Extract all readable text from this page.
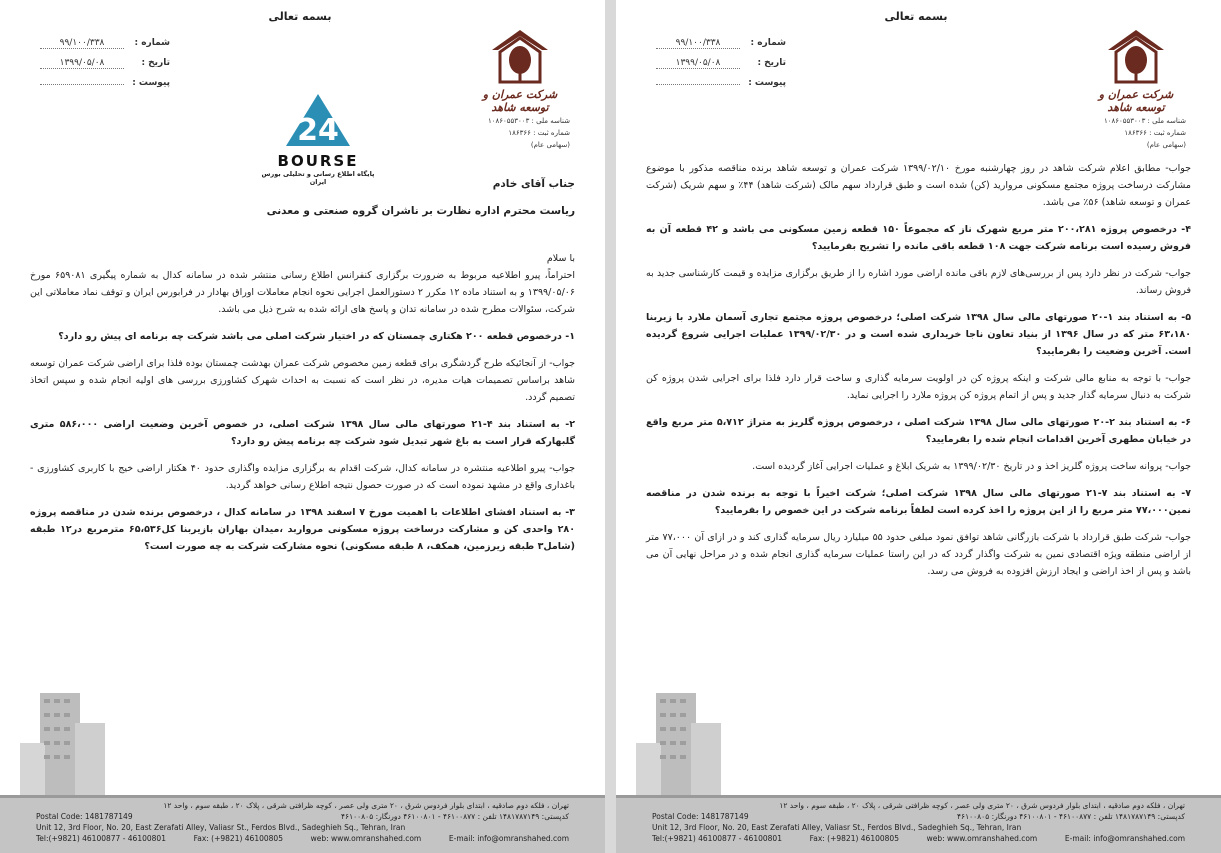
بسمه تعالی
شماره :
۹۹/۱۰۰/۳۳۸
تاریخ :
۱۳۹۹/۰۵/۰۸
پیوست :
شرکت عمران و توسعه شاهد
شناسه ملی : ۱۰۸۶۰۵۵۳۰۰۳
شماره ثبت : ۱۸۶۳۶۶
(سهامی عام)
24
BOURSE
پایگاه اطلاع رسانی و تحلیلی بورس ایران	جناب آقای خادم

ریاست محترم اداره نظارت بر ناشران گروه صنعتی و معدنی

با سلام

احتراماً، پیرو اطلاعیه مربوط به ضرورت برگزاری کنفرانس اطلاع رسانی منتشر شده در سامانه کدال به شماره پیگیری ۶۵۹۰۸۱ مورخ ۱۳۹۹/۰۵/۰۶ و به استناد ماده ۱۲ مکرر ۲ دستورالعمل اجرایی نحوه انجام معاملات اوراق بهادار در فرابورس ایران و توقف نماد معاملاتی این شرکت، سئوالات مطرح شده در سامانه تدان و پاسخ های ارائه شده به شرح ذیل می باشد.

۱- درخصوص قطعه ۲۰۰ هکتاری چمستان که در اختیار شرکت اصلی می باشد شرکت چه برنامه ای پیش رو دارد؟

جواب- از آنجائیکه طرح گردشگری برای قطعه زمین مخصوص شرکت عمران بهدشت چمستان بوده فلذا برای اراضی شرکت عمران توسعه شاهد براساس تصمیمات هیات مدیره، در نظر است که نسبت به احداث شهرک کشاورزی بررسی های اولیه انجام شده و سپس اتخاذ تصمیم گردد.

۲- به استناد بند ۴-۲۱ صورتهای مالی سال ۱۳۹۸ شرکت اصلی، در خصوص آخرین وضعیت اراضی ۵۸۶،۰۰۰ متری گلبهارکه قرار است به باغ شهر تبدیل شود شرکت چه برنامه پیش رو دارد؟

جواب- پیرو اطلاعیه منتشره در سامانه کدال، شرکت اقدام به برگزاری مزایده واگذاری حدود ۴۰ هکتار اراضی خیج با کاربری کشاورزی - باغداری واقع در مشهد نموده است که در صورت حصول نتیجه اطلاع رسانی خواهد گردید.

۳- به استناد افشای اطلاعات با اهمیت مورخ ۷ اسفند ۱۳۹۸ در سامانه کدال ، درخصوص برنده شدن در مناقصه پروژه ۲۸۰ واحدی کن و مشارکت درساخت پروژه مسکونی مرواربد ،میدان بهاران بازیربنا کل۶۵،۵۳۶ مترمربع در۱۲ طبقه (شامل۳ طبقه زیرزمین، همکف، ۸ طبقه مسکونی) نحوه مشارکت شرکت به چه صورت است؟

تهران ، فلکه دوم صادقیه ، ابتدای بلوار فردوس شرق ، ۲۰ متری ولی عصر ، کوچه ظرافتی شرقی ، پلاک ۲۰ ، طبقه سوم ، واحد ۱۲
Postal Code: 1481787149	کدپستی: ۱۴۸۱۷۸۷۱۴۹ تلفن : ۴۶۱۰۰۸۷۷ - ۴۶۱۰۰۸۰۱ دورنگار: ۴۶۱۰۰۸۰۵
Unit 12, 3rd Floor, No. 20, East Zerafati Alley, Valiasr St., Ferdos Blvd., Sadeghieh Sq., Tehran, Iran
Tel:(+9821) 46100877 - 46100801	Fax: (+9821) 46100805	web: www.omranshahed.com	E-mail: info@omranshahed.com
بسمه تعالی
شماره :
۹۹/۱۰۰/۳۳۸
تاریخ :
۱۳۹۹/۰۵/۰۸
پیوست :
شرکت عمران و توسعه شاهد
شناسه ملی : ۱۰۸۶۰۵۵۳۰۰۳
شماره ثبت : ۱۸۶۳۶۶
(سهامی عام)

جواب- مطابق اعلام شرکت شاهد در روز چهارشنبه مورخ ۱۳۹۹/۰۲/۱۰ شرکت عمران و توسعه شاهد برنده مناقصه مذکور با موضوع مشارکت درساخت پروژه مجتمع مسکونی مروارید (کن) شده است و طبق قرارداد سهم مالک (شرکت شاهد) ۴۴٪ و سهم شریک (شرکت عمران و توسعه شاهد) ۵۶٪ می باشد.

۴- درخصوص پروژه ۲۰۰،۲۸۱ متر مربع شهرک ناز که مجموعاً ۱۵۰ قطعه زمین مسکونی می باشد و ۴۲ قطعه آن به فروش رسیده است برنامه شرکت جهت ۱۰۸ قطعه باقی مانده را تشریح بفرمایید؟

جواب- شرکت در نظر دارد پس از بررسی‌های لازم باقی مانده اراضی مورد اشاره را از طریق برگزاری مزایده و قیمت کارشناسی جدید به فروش رساند.

۵- به استناد بند ۱-۲۰ صورتهای مالی سال ۱۳۹۸ شرکت اصلی؛ درخصوص پروژه مجتمع تجاری آسمان ملارد با زیربنا ۶۳،۱۸۰ متر که در سال ۱۳۹۶ از بنیاد تعاون ناجا خریداری شده است و در ۱۳۹۹/۰۲/۳۰ عملیات اجرایی شروع گردیده است. آخرین وضعیت را بفرمایید؟

جواب- با توجه به منابع مالی شرکت و اینکه پروژه کن در اولویت سرمایه گذاری و ساخت قرار دارد فلذا برای اجرایی شدن پروژه کن شرکت به دنبال سرمایه گذار جدید و پس از اتمام پروژه کن پروژه ملارد را اجرایی نماید.

۶- به استناد بند ۲-۲۰ صورتهای مالی سال ۱۳۹۸ شرکت اصلی ، درخصوص پروژه گلریز به متراژ ۵،۷۱۲ متر مربع واقع در خیابان مطهری آخرین اقدامات انجام شده را بفرمایید؟

جواب- پروانه ساخت پروژه گلریز اخذ و در تاریخ ۱۳۹۹/۰۲/۳۰ به شریک ابلاغ و عملیات اجرایی آغاز گردیده است.

۷- به استناد بند ۷-۲۱ صورتهای مالی سال ۱۳۹۸ شرکت اصلی؛ شرکت اخیراً با توجه به برنده شدن در مناقصه نمین۷۷،۰۰۰ متر مربع را از این پروژه را اخذ کرده است لطفاً برنامه شرکت در این خصوص را بفرمایید؟

جواب- شرکت طبق قرارداد با شرکت بازرگانی شاهد توافق نمود مبلغی حدود ۵۵ میلیارد ریال سرمایه گذاری کند و در ازای آن ۷۷،۰۰۰ متر از اراضی منطقه ویژه اقتصادی نمین به شرکت واگذار گردد که در این راستا عملیات سرمایه گذاری انجام شده و در مراحل نهایی آن می باشد و پس از اخذ اراضی و ایجاد ارزش افزوده به فروش می رسد.

تهران ، فلکه دوم صادقیه ، ابتدای بلوار فردوس شرق ، ۲۰ متری ولی عصر ، کوچه ظرافتی شرقی ، پلاک ۲۰ ، طبقه سوم ، واحد ۱۲
Postal Code: 1481787149	کدپستی: ۱۴۸۱۷۸۷۱۴۹ تلفن : ۴۶۱۰۰۸۷۷ - ۴۶۱۰۰۸۰۱ دورنگار: ۴۶۱۰۰۸۰۵
Unit 12, 3rd Floor, No. 20, East Zerafati Alley, Valiasr St., Ferdos Blvd., Sadeghieh Sq., Tehran, Iran
Tel:(+9821) 46100877 - 46100801	Fax: (+9821) 46100805	web: www.omranshahed.com	E-mail: info@omranshahed.com
